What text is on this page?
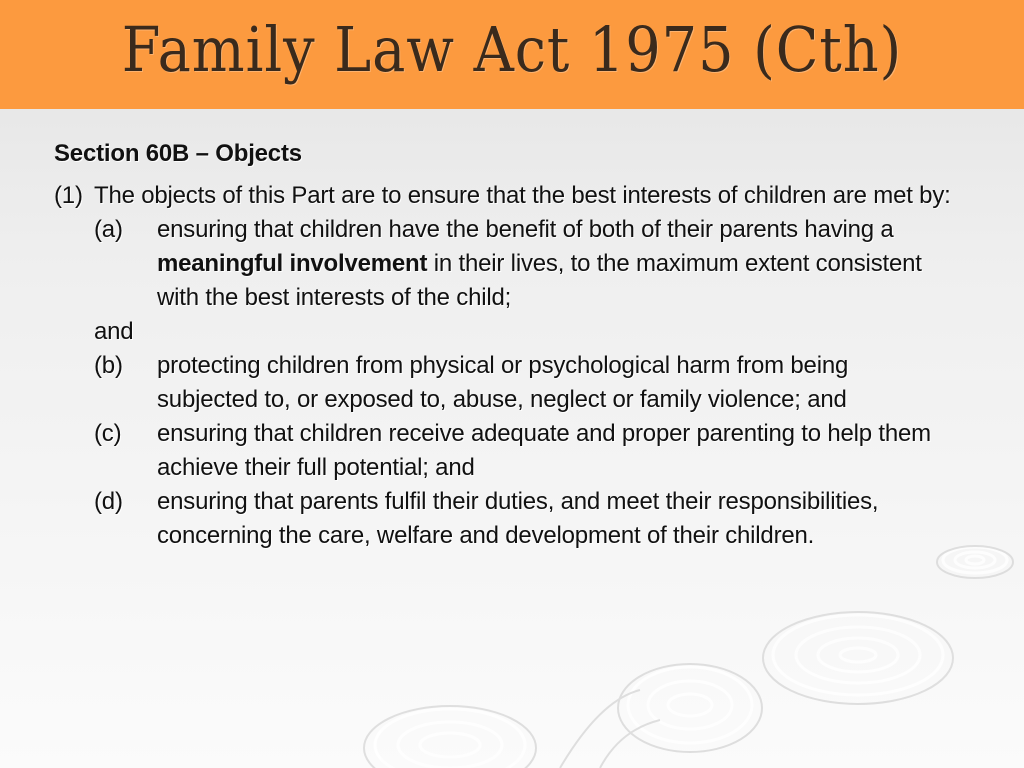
Family Law Act 1975 (Cth)
Section 60B – Objects
(1) The objects of this Part are to ensure that the best interests of children are met by:
(a) ensuring that children have the benefit of both of their parents having a meaningful involvement in their lives, to the maximum extent consistent with the best interests of the child;
and
(b) protecting children from physical or psychological harm from being subjected to, or exposed to, abuse, neglect or family violence; and
(c) ensuring that children receive adequate and proper parenting to help them achieve their full potential; and
(d) ensuring that parents fulfil their duties, and meet their responsibilities, concerning the care, welfare and development of their children.
